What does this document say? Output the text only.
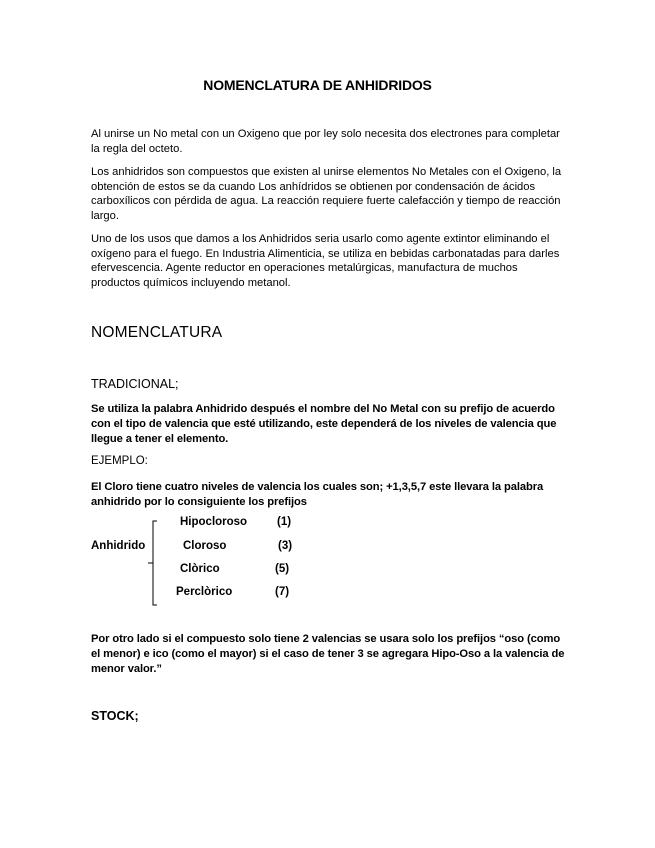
NOMENCLATURA DE ANHIDRIDOS

Al unirse un No metal con un Oxigeno que por ley solo necesita dos electrones para completar la regla del octeto.

Los anhidridos son compuestos que existen al unirse elementos No Metales con el Oxigeno, la obtención de estos se da cuando Los anhídridos se obtienen por condensación de ácidos carboxílicos con pérdida de agua. La reacción requiere fuerte calefacción y tiempo de reacción largo.

Uno de los usos que damos a los Anhidridos seria usarlo como agente extintor eliminando el oxígeno para el fuego. En Industria Alimenticia, se utiliza en bebidas carbonatadas para darles efervescencia. Agente reductor en operaciones metalúrgicas, manufactura de muchos productos químicos incluyendo metanol.

NOMENCLATURA
TRADICIONAL;

Se utiliza la palabra Anhidrido después el nombre del No Metal con su prefijo de acuerdo con el tipo de valencia que esté utilizando, este dependerá de los niveles de valencia que llegue a tener el elemento.

EJEMPLO:

El Cloro tiene cuatro niveles de valencia los cuales son; +1,3,5,7 este llevara la palabra anhidrido por lo consiguiente los prefijos

Anhidrido
Hipocloroso	(1)
Cloroso	(3)
Clòrico	(5)
Perclòrico	(7)

Por otro lado si el compuesto solo tiene 2 valencias se usara solo los prefijos “oso (como el menor) e ico (como el mayor) si el caso de tener 3 se agregara Hipo-Oso a la valencia de menor valor.”

STOCK;
